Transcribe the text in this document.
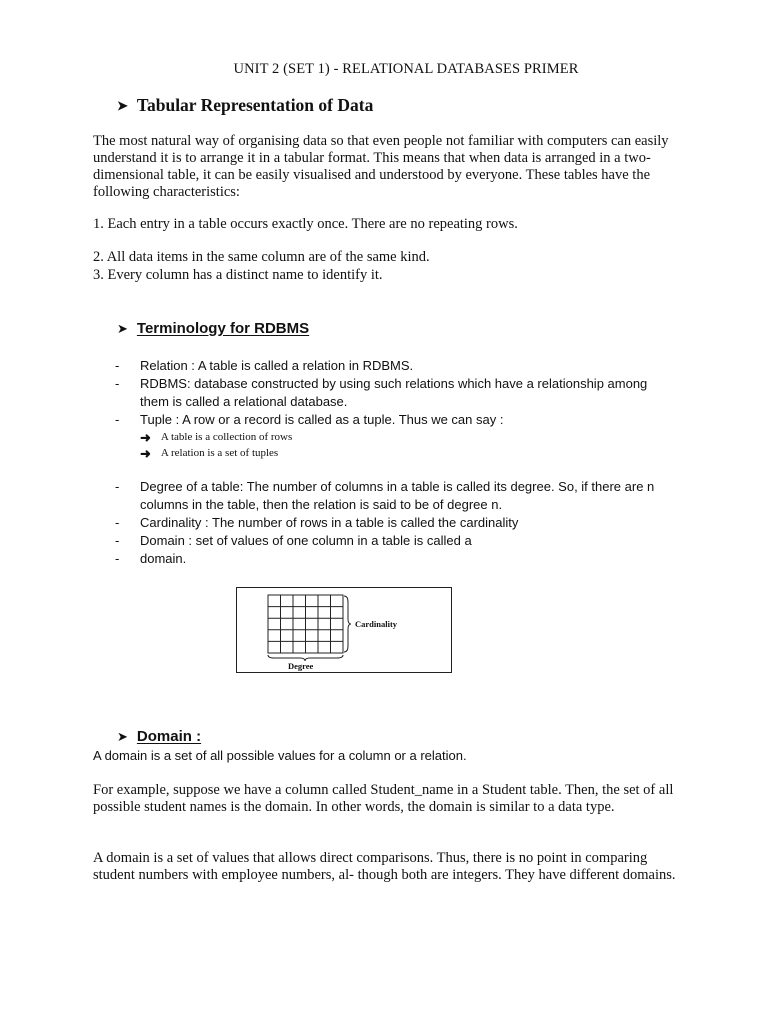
UNIT 2 (SET 1) - RELATIONAL DATABASES PRIMER
➤ Tabular Representation of Data

The most natural way of organising data so that even people not familiar with computers can easily understand it is to arrange it in a tabular format. This means that when data is arranged in a two-dimensional table, it can be easily visualised and understood by everyone. These tables have the following characteristics:

1. Each entry in a table occurs exactly once. There are no repeating rows.

2. All data items in the same column are of the same kind.

3. Every column has a distinct name to identify it.

➤ Terminology for RDBMS
-	Relation : A table is called a relation in RDBMS.
-	RDBMS: database constructed by using such relations which have a relationship among them is called a relational database.
-	Tuple : A row or a record is called as a tuple. Thus we can say :
➜ A table is a collection of rows
➜ A relation is a set of tuples
-	Degree of a table: The number of columns in a table is called its degree. So, if there are n columns in the table, then the relation is said to be of degree n.
-	Cardinality : The number of rows in a table is called the cardinality
-	Domain : set of values of one column in a table is called a
-	domain.
Cardinality
Degree
➤ Domain :

A domain is a set of all possible values for a column or a relation.

For example, suppose we have a column called Student_name in a Student table. Then, the set of all possible student names is the domain. In other words, the domain is similar to a data type.

A domain is a set of values that allows direct comparisons. Thus, there is no point in comparing student numbers with employee numbers, al- though both are integers. They have different domains.
